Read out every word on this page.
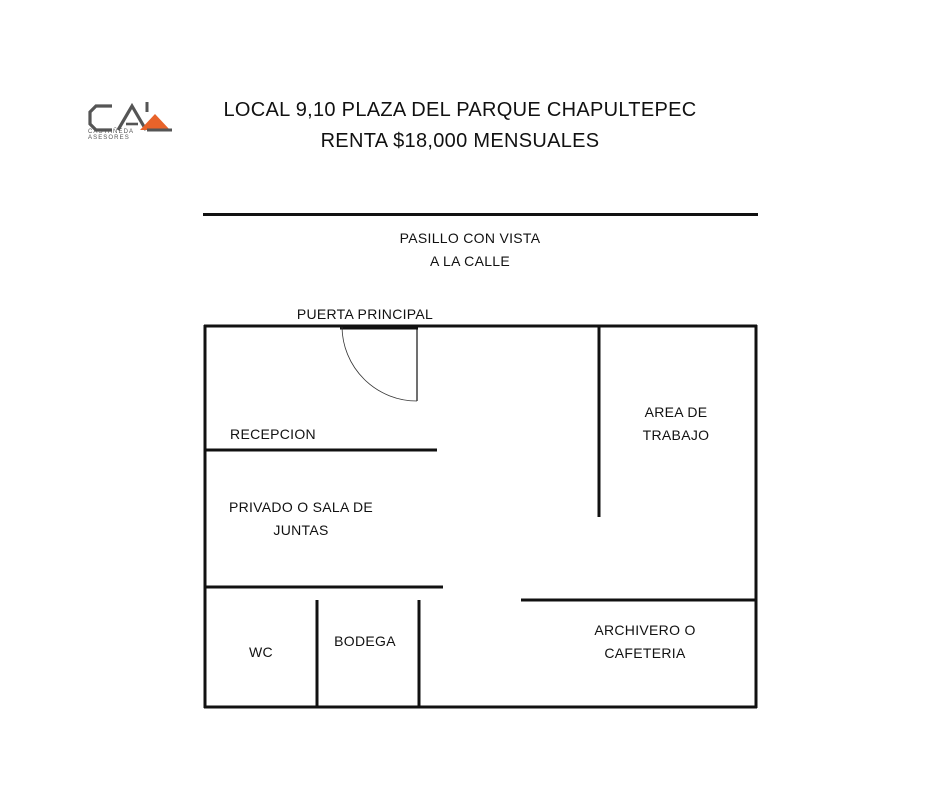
CASTAÑEDA ASESORES
LOCAL 9,10 PLAZA DEL PARQUE CHAPULTEPEC
RENTA $18,000 MENSUALES
PASILLO CON VISTA
A LA CALLE
PUERTA PRINCIPAL
RECEPCION
AREA DE
TRABAJO
PRIVADO O SALA DE
JUNTAS
WC
BODEGA
ARCHIVERO O
CAFETERIA
